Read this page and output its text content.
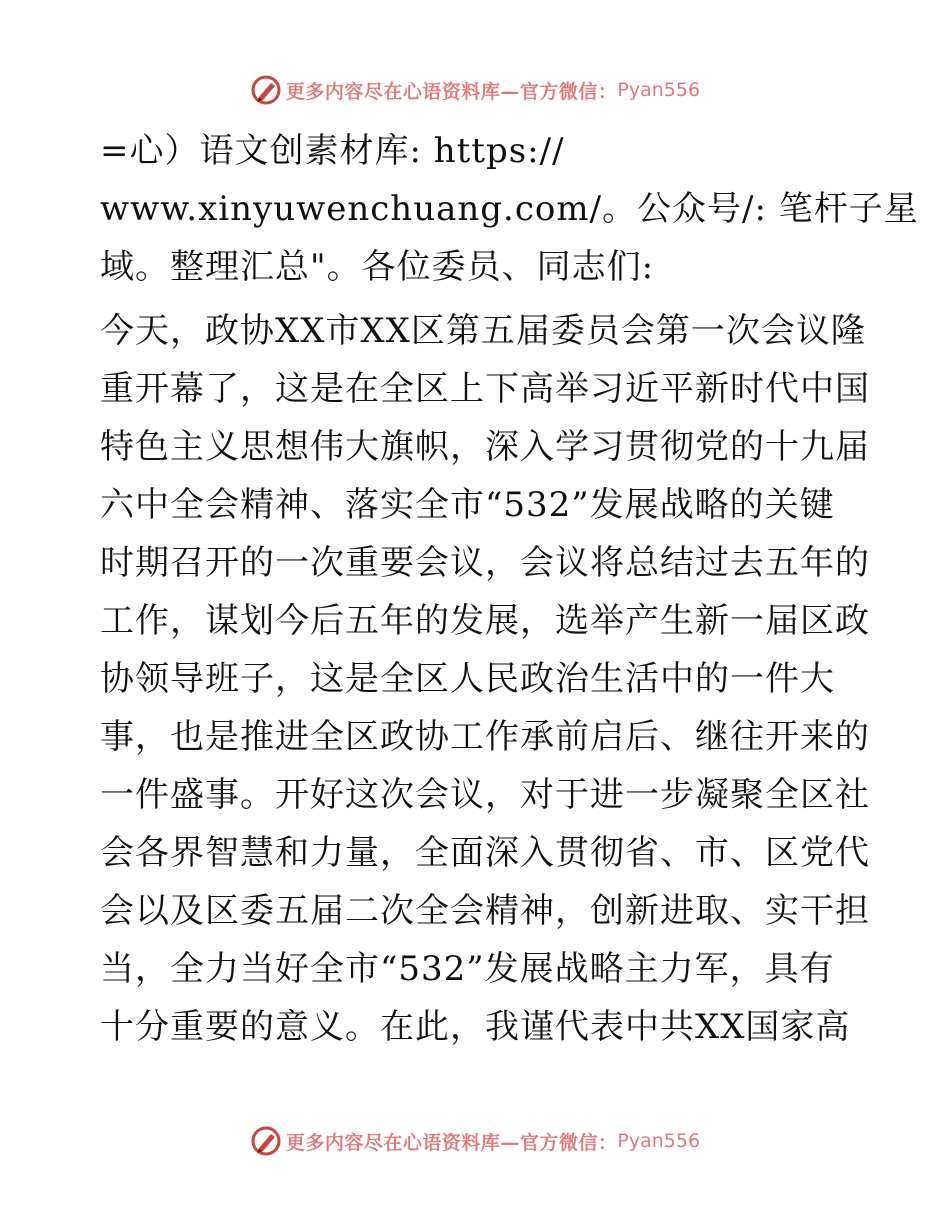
更多内容尽在心语资料库—官方微信： Pyan556
=心）语文创素材库: https://
www.xinyuwenchuang.com/。公众号/: 笔杆子星
域。整理汇总"。各位委员、同志们:
今天，政协XX市XX区第五届委员会第一次会议隆
重开幕了，这是在全区上下高举习近平新时代中国
特色主义思想伟大旗帜，深入学习贯彻党的十九届
六中全会精神、落实全市“532”发展战略的关键
时期召开的一次重要会议，会议将总结过去五年的
工作，谋划今后五年的发展，选举产生新一届区政
协领导班子，这是全区人民政治生活中的一件大
事，也是推进全区政协工作承前启后、继往开来的
一件盛事。开好这次会议，对于进一步凝聚全区社
会各界智慧和力量，全面深入贯彻省、市、区党代
会以及区委五届二次全会精神，创新进取、实干担
当，全力当好全市“532”发展战略主力军，具有
十分重要的意义。在此，我谨代表中共XX国家高
更多内容尽在心语资料库—官方微信： Pyan556
